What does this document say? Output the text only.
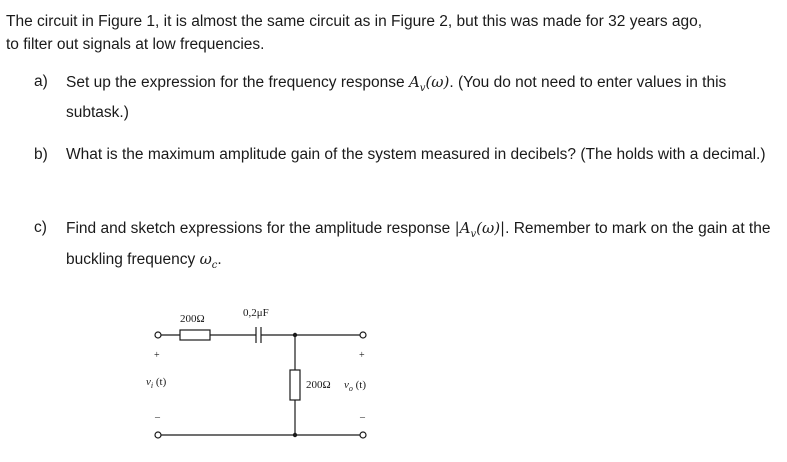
The circuit in Figure 1, it is almost the same circuit as in Figure 2, but this was made for 32 years ago,
to filter out signals at low frequencies.
a) Set up the expression for the frequency response $A_v(\omega)$. (You do not need to enter values in this subtask.)
b) What is the maximum amplitude gain of the system measured in decibels? (The holds with a decimal.)
c) Find and sketch expressions for the amplitude response $|A_v(\omega)|$. Remember to mark on the gain at the buckling frequency $\omega_c$.
200Ω	0,2μF
200Ω
+
–
+
–
$v_i$ (t)	$v_o$ (t)
